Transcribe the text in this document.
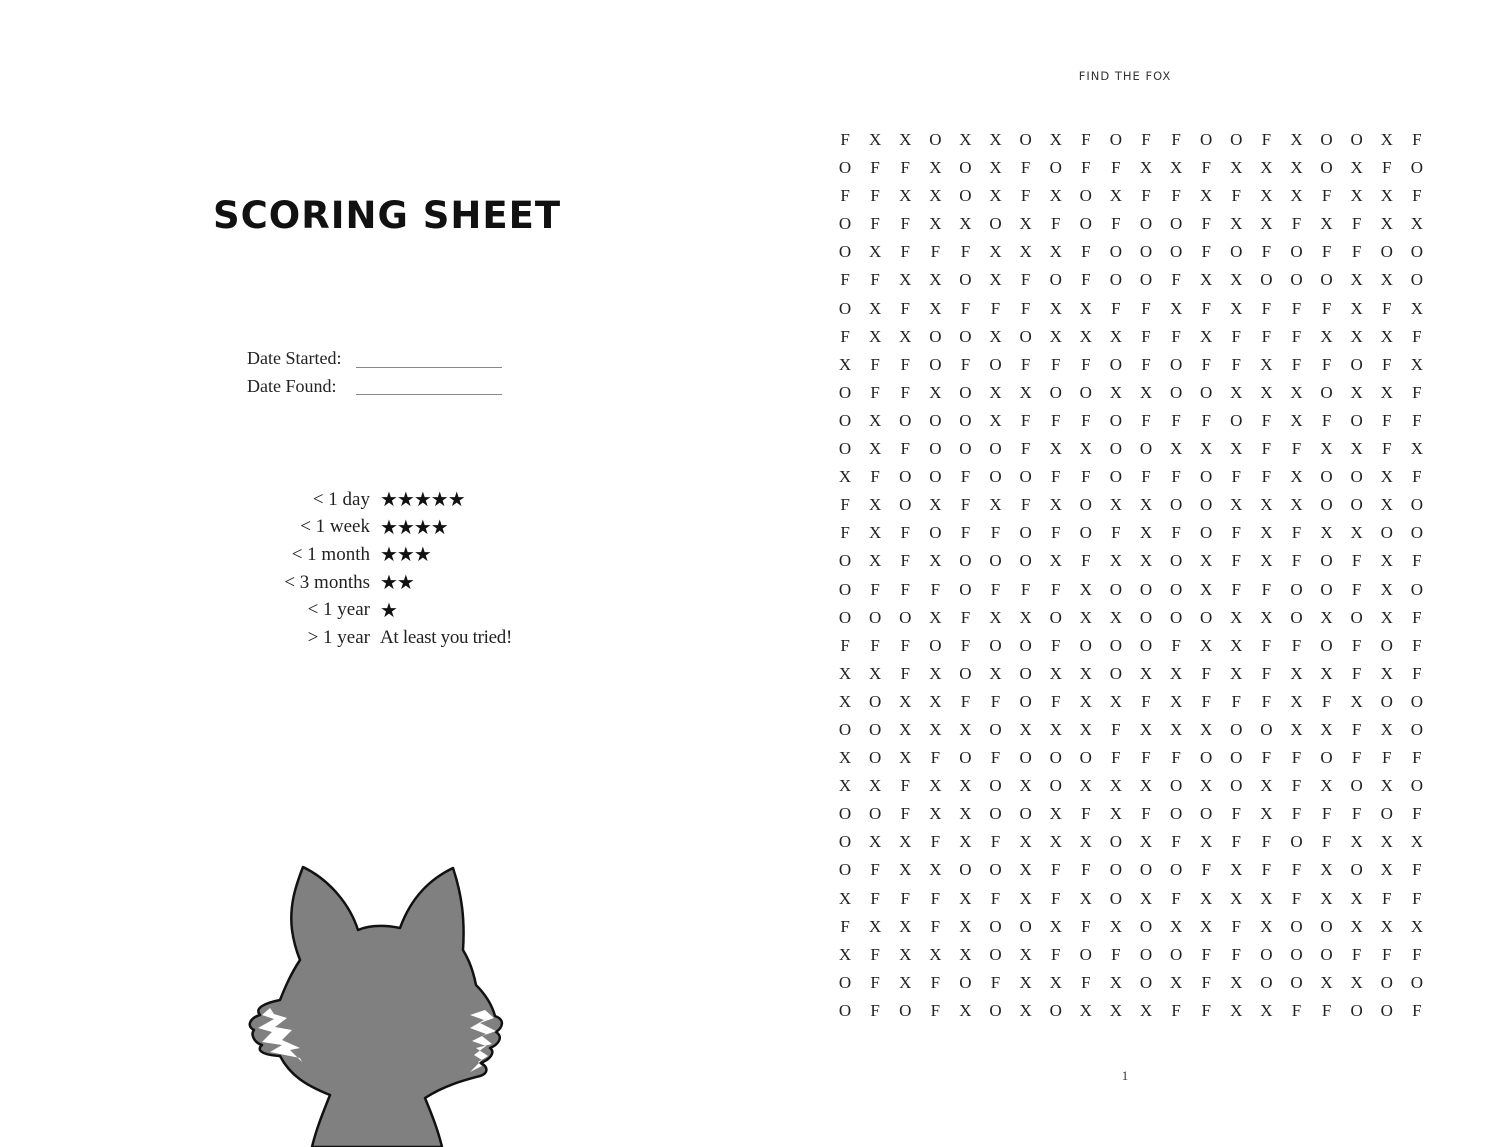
SCORING SHEET
Date Started:
Date Found:
< 1 day ★★★★★
< 1 week ★★★★
< 1 month ★★★
< 3 months ★★
< 1 year ★
> 1 year At least you tried!
FIND THE FOX
F	X	X	O	X	X	O	X	F	O	F	F	O	O	F	X	O	O	X	F
O	F	F	X	O	X	F	O	F	F	X	X	F	X	X	X	O	X	F	O
F	F	X	X	O	X	F	X	O	X	F	F	X	F	X	X	F	X	X	F
O	F	F	X	X	O	X	F	O	F	O	O	F	X	X	F	X	F	X	X
O	X	F	F	F	X	X	X	F	O	O	O	F	O	F	O	F	F	O	O
F	F	X	X	O	X	F	O	F	O	O	F	X	X	O	O	O	X	X	O
O	X	F	X	F	F	F	X	X	F	F	X	F	X	F	F	F	X	F	X
F	X	X	O	O	X	O	X	X	X	F	F	X	F	F	F	X	X	X	F
X	F	F	O	F	O	F	F	F	O	F	O	F	F	X	F	F	O	F	X
O	F	F	X	O	X	X	O	O	X	X	O	O	X	X	X	O	X	X	F
O	X	O	O	O	X	F	F	F	O	F	F	F	O	F	X	F	O	F	F
O	X	F	O	O	O	F	X	X	O	O	X	X	X	F	F	X	X	F	X
X	F	O	O	F	O	O	F	F	O	F	F	O	F	F	X	O	O	X	F
F	X	O	X	F	X	F	X	O	X	X	O	O	X	X	X	O	O	X	O
F	X	F	O	F	F	O	F	O	F	X	F	O	F	X	F	X	X	O	O
O	X	F	X	O	O	O	X	F	X	X	O	X	F	X	F	O	F	X	F
O	F	F	F	O	F	F	F	X	O	O	O	X	F	F	O	O	F	X	O
O	O	O	X	F	X	X	O	X	X	O	O	O	X	X	O	X	O	X	F
F	F	F	O	F	O	O	F	O	O	O	F	X	X	F	F	O	F	O	F
X	X	F	X	O	X	O	X	X	O	X	X	F	X	F	X	X	F	X	F
X	O	X	X	F	F	O	F	X	X	F	X	F	F	F	X	F	X	O	O
O	O	X	X	X	O	X	X	X	F	X	X	X	O	O	X	X	F	X	O
X	O	X	F	O	F	O	O	O	F	F	F	O	O	F	F	O	F	F	F
X	X	F	X	X	O	X	O	X	X	X	O	X	O	X	F	X	O	X	O
O	O	F	X	X	O	O	X	F	X	F	O	O	F	X	F	F	F	O	F
O	X	X	F	X	F	X	X	X	O	X	F	X	F	F	O	F	X	X	X
O	F	X	X	O	O	X	F	F	O	O	O	F	X	F	F	X	O	X	F
X	F	F	F	X	F	X	F	X	O	X	F	X	X	X	F	X	X	F	F
F	X	X	F	X	O	O	X	F	X	O	X	X	F	X	O	O	X	X	X
X	F	X	X	X	O	X	F	O	F	O	O	F	F	O	O	O	F	F	F
O	F	X	F	O	F	X	X	F	X	O	X	F	X	O	O	X	X	O	O
O	F	O	F	X	O	X	O	X	X	X	F	F	X	X	F	F	O	O	F
1
